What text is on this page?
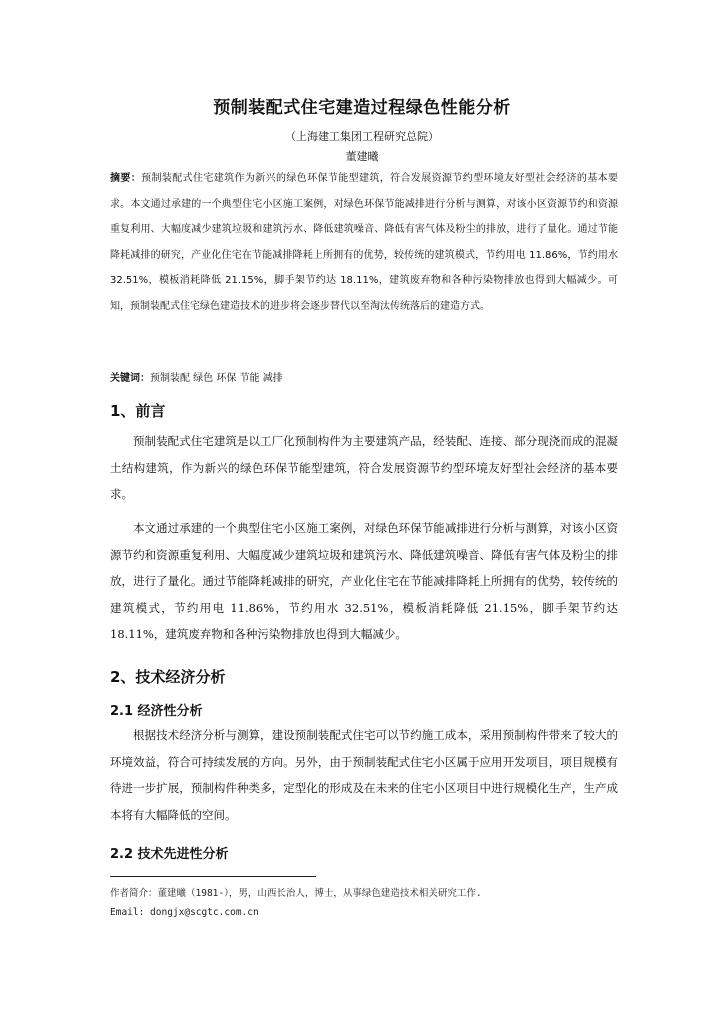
预制装配式住宅建造过程绿色性能分析
（上海建工集团工程研究总院）
董建曦
摘要：预制装配式住宅建筑作为新兴的绿色环保节能型建筑，符合发展资源节约型环境友好型社会经济的基本要求。本文通过承建的一个典型住宅小区施工案例，对绿色环保节能减排进行分析与测算，对该小区资源节约和资源重复利用、大幅度减少建筑垃圾和建筑污水、降低建筑噪音、降低有害气体及粉尘的排放，进行了量化。通过节能降耗减排的研究，产业化住宅在节能减排降耗上所拥有的优势，较传统的建筑模式，节约用电 11.86%，节约用水 32.51%，模板消耗降低 21.15%，脚手架节约达 18.11%，建筑废弃物和各种污染物排放也得到大幅减少。可知，预制装配式住宅绿色建造技术的进步将会逐步替代以至淘汰传统落后的建造方式。
关键词：预制装配 绿色 环保 节能 减排
1、前言
预制装配式住宅建筑是以工厂化预制构件为主要建筑产品，经装配、连接、部分现浇而成的混凝土结构建筑，作为新兴的绿色环保节能型建筑，符合发展资源节约型环境友好型社会经济的基本要求。
本文通过承建的一个典型住宅小区施工案例，对绿色环保节能减排进行分析与测算，对该小区资源节约和资源重复利用、大幅度减少建筑垃圾和建筑污水、降低建筑噪音、降低有害气体及粉尘的排放，进行了量化。通过节能降耗减排的研究，产业化住宅在节能减排降耗上所拥有的优势，较传统的建筑模式，节约用电 11.86%，节约用水 32.51%，模板消耗降低 21.15%，脚手架节约达 18.11%，建筑废弃物和各种污染物排放也得到大幅减少。
2、技术经济分析
2.1 经济性分析
根据技术经济分析与测算，建设预制装配式住宅可以节约施工成本，采用预制构件带来了较大的环境效益，符合可持续发展的方向。另外，由于预制装配式住宅小区属于应用开发项目，项目规模有待进一步扩展，预制构件种类多，定型化的形成及在未来的住宅小区项目中进行规模化生产，生产成本将有大幅降低的空间。
2.2 技术先进性分析
作者简介：董建曦（1981-），男，山西长治人，博士，从事绿色建造技术相关研究工作.
Email: dongjx@scgtc.com.cn
